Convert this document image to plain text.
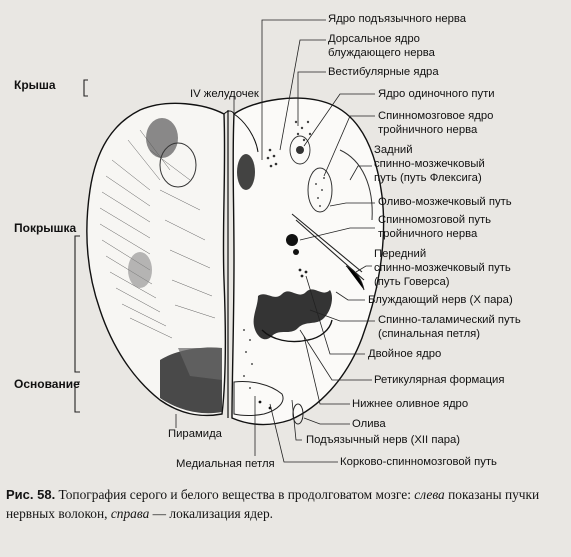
Крыша
Покрышка
Основание
IV желудочек
Пирамида
Медиальная петля
Ядро подъязычного нерва
Дорсальное ядро
блуждающего нерва
Вестибулярные ядра
Ядро одиночного пути
Спинномозговое ядро
тройничного нерва
Задний
спинно-мозжечковый
путь (путь Флексига)
Оливо-мозжечковый путь
Спинномозговой путь
тройничного нерва
Передний
спинно-мозжечковый путь
(путь Говерса)
Блуждающий нерв (X пара)
Спинно-таламический путь
(спинальная петля)
Двойное ядро
Ретикулярная формация
Нижнее оливное ядро
Олива
Подъязычный нерв (XII пара)
Корково-спинномозговой путь
Рис. 58. Топография серого и белого вещества в продолговатом мозге: слева показаны пучки нервных волокон, справа — локализация ядер.
